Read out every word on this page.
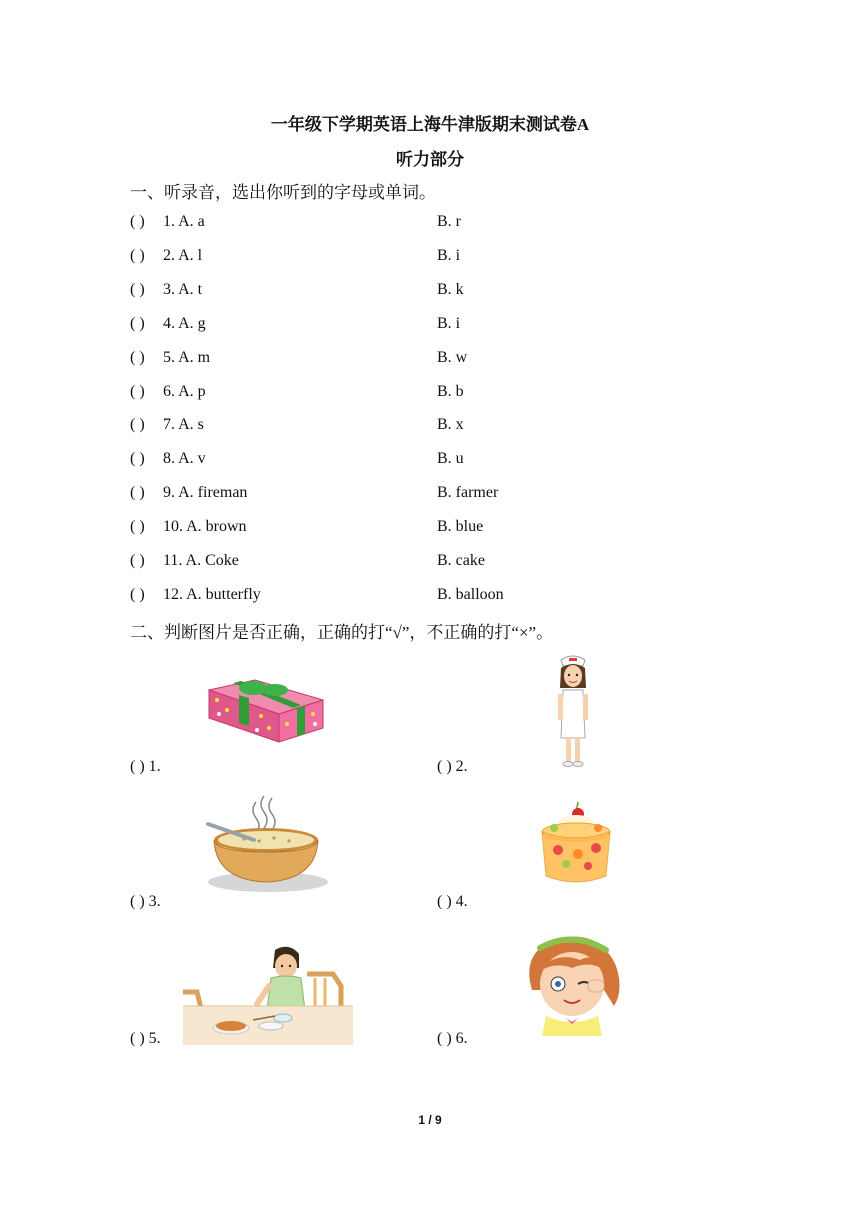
一年级下学期英语上海牛津版期末测试卷A
听力部分
一、听录音，选出你听到的字母或单词。
( ) 1. A. a	B. r
( ) 2. A. l	B. i
( ) 3. A. t	B. k
( ) 4. A. g	B. i
( ) 5. A. m	B. w
( ) 6. A. p	B. b
( ) 7. A. s	B. x
( ) 8. A. v	B. u
( ) 9. A. fireman	B. farmer
( ) 10. A. brown	B. blue
( ) 11. A. Coke	B. cake
( ) 12. A. butterfly	B. balloon
二、判断图片是否正确，正确的打“√”，不正确的打“×”。
( ) 1.	( ) 2.
( ) 3.	( ) 4.
( ) 5.	( ) 6.
1 / 9
